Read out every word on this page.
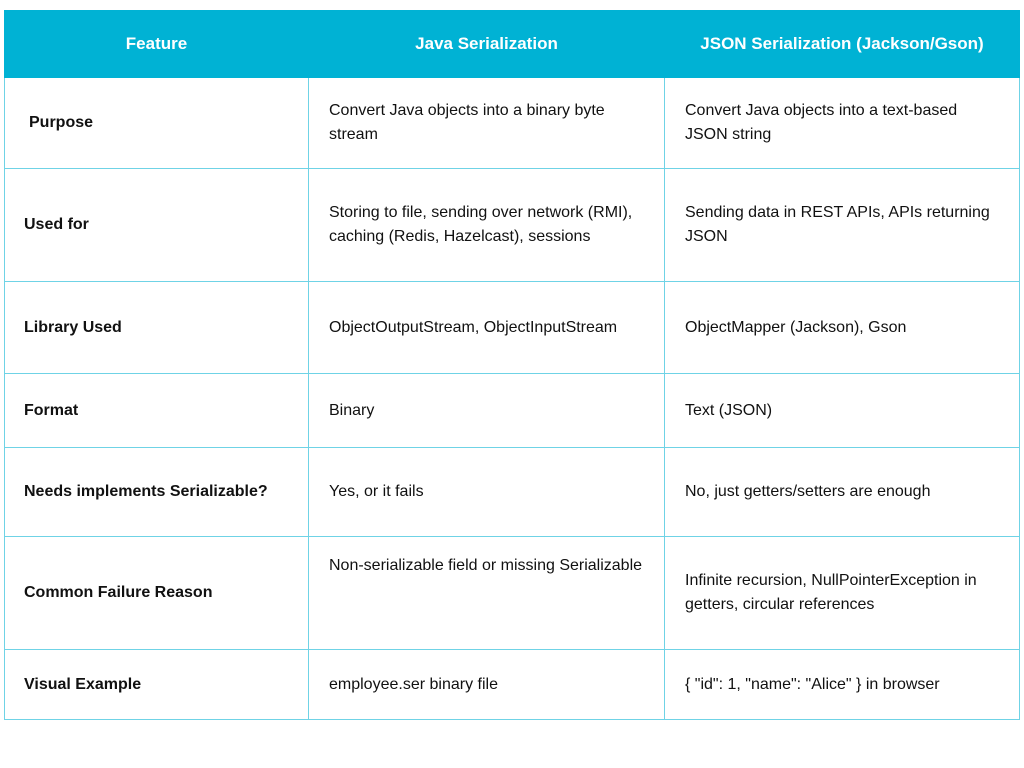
Feature	Java Serialization	JSON Serialization (Jackson/Gson)
Purpose	Convert Java objects into a binary byte stream	Convert Java objects into a text-based JSON string
Used for	Storing to file, sending over network (RMI), caching (Redis, Hazelcast), sessions	Sending data in REST APIs, APIs returning JSON
Library Used	ObjectOutputStream, ObjectInputStream	ObjectMapper (Jackson), Gson
Format	Binary	Text (JSON)
Needs implements Serializable?	Yes, or it fails	No, just getters/setters are enough
Common Failure Reason	Non-serializable field or missing Serializable	Infinite recursion, NullPointerException in getters, circular references
Visual Example	employee.ser binary file	{ "id": 1, "name": "Alice" } in browser
